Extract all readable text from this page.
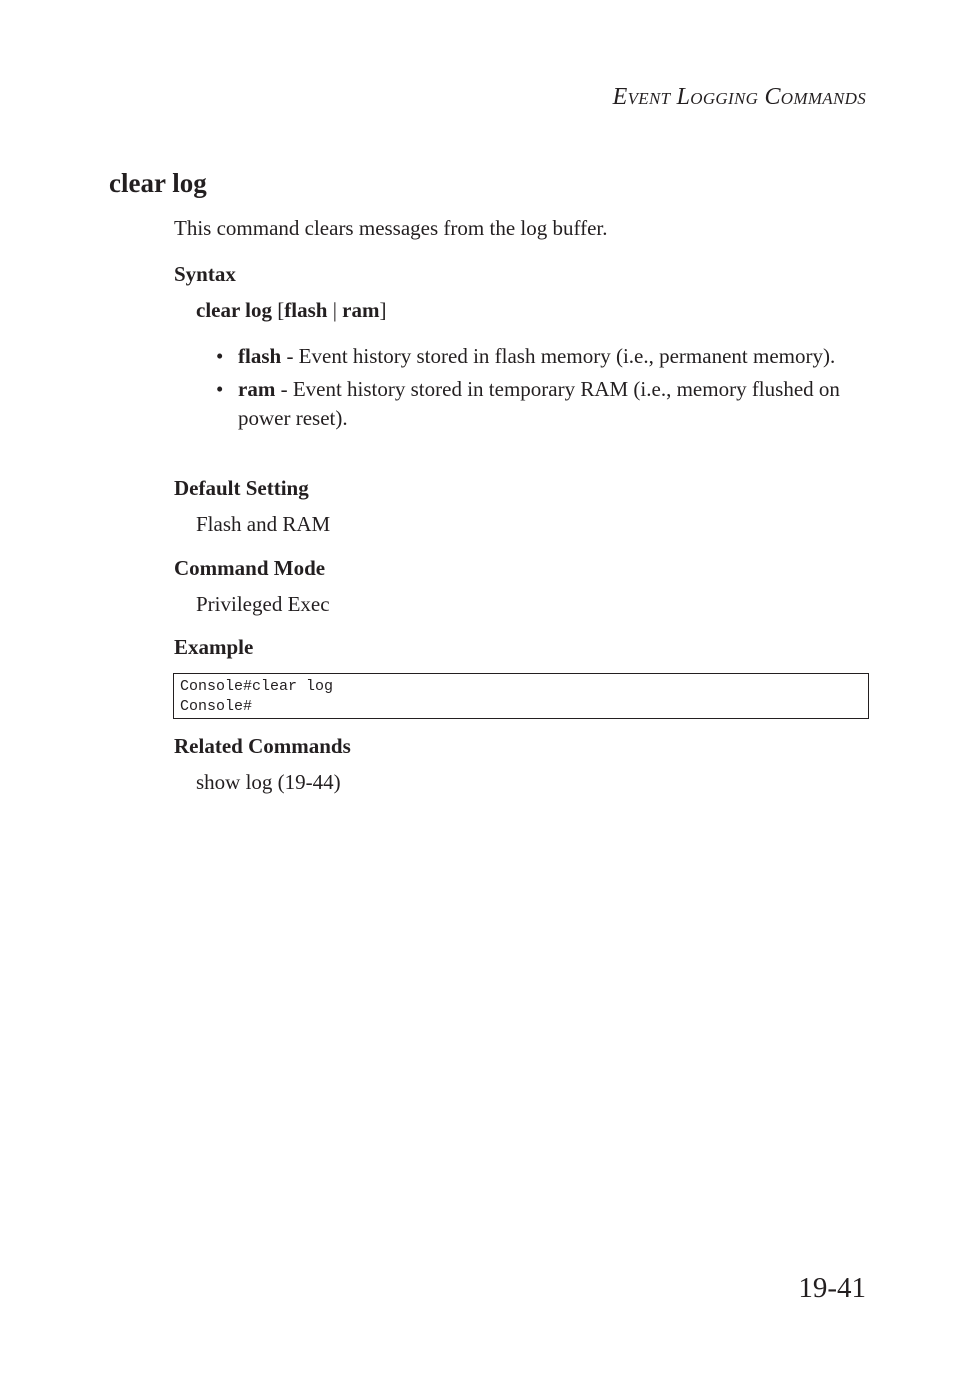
Event Logging Commands
clear log
This command clears messages from the log buffer.
Syntax
clear log [flash | ram]
• flash - Event history stored in flash memory (i.e., permanent memory).
• ram - Event history stored in temporary RAM (i.e., memory flushed on power reset).
Default Setting
Flash and RAM
Command Mode
Privileged Exec
Example
Console#clear log
Console#
Related Commands
show log (19-44)
19-41
